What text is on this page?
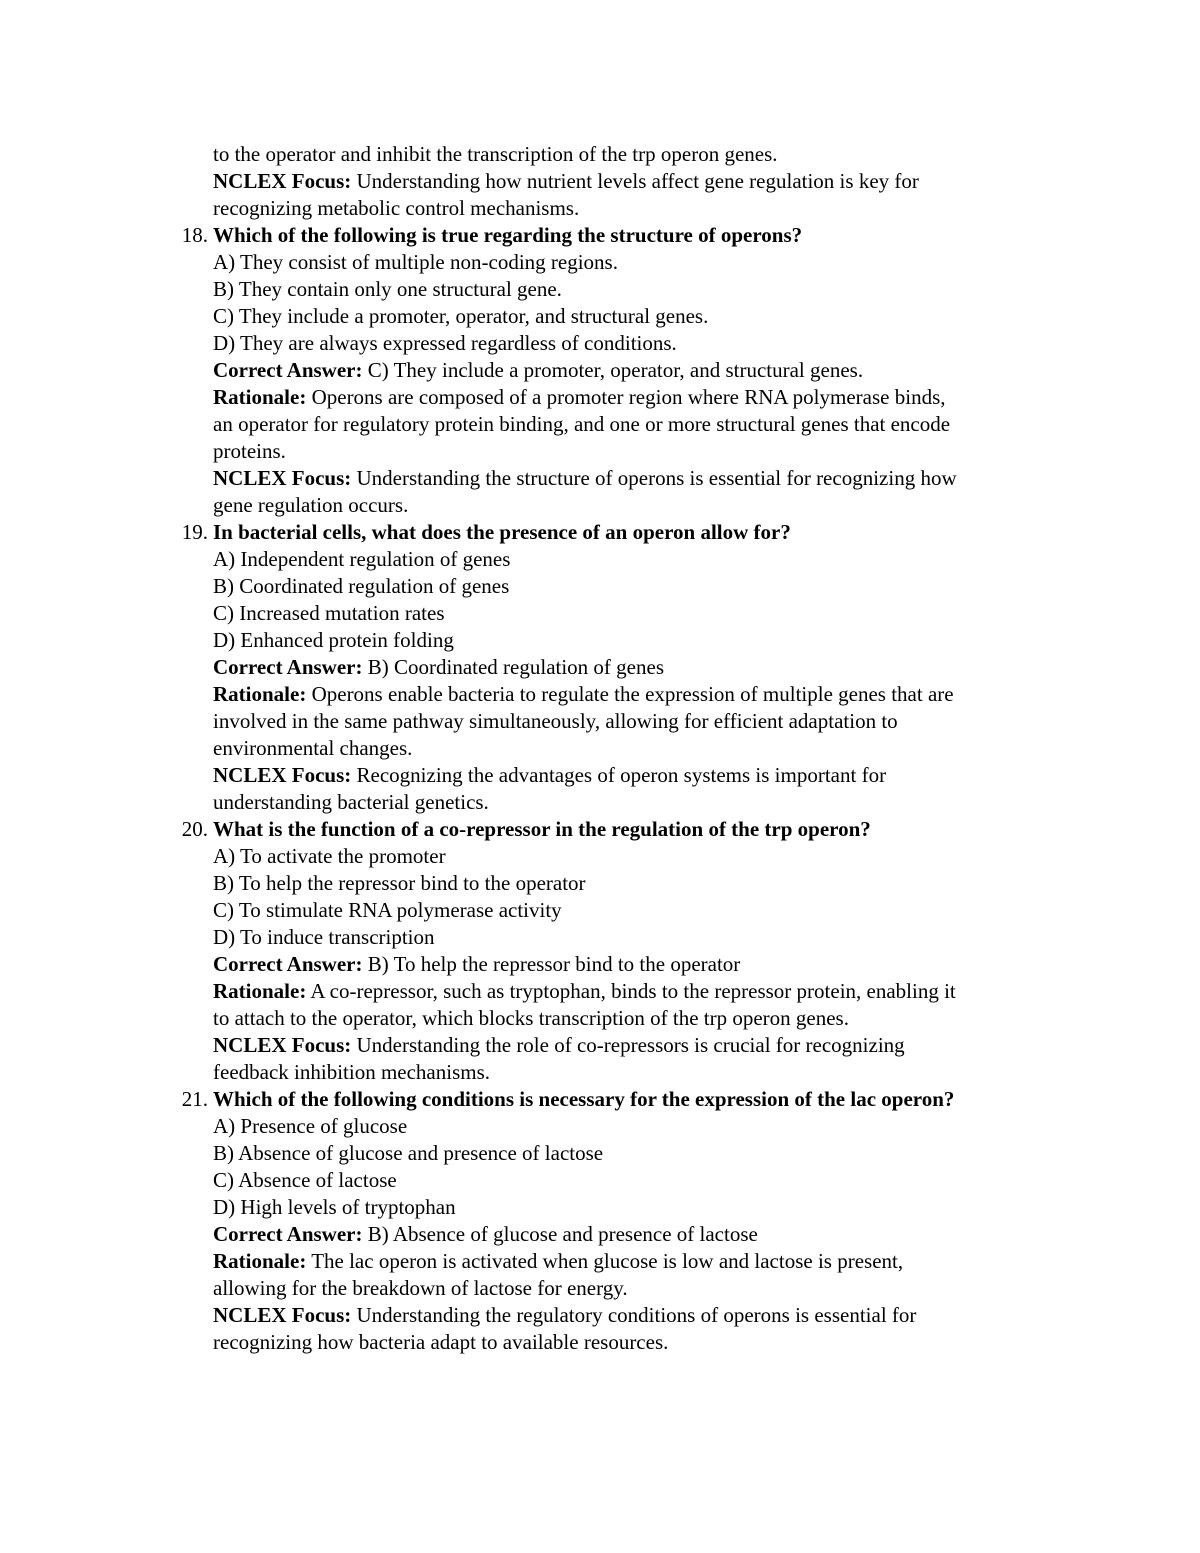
to the operator and inhibit the transcription of the trp operon genes.
NCLEX Focus: Understanding how nutrient levels affect gene regulation is key for
recognizing metabolic control mechanisms.
18. Which of the following is true regarding the structure of operons?
A) They consist of multiple non-coding regions.
B) They contain only one structural gene.
C) They include a promoter, operator, and structural genes.
D) They are always expressed regardless of conditions.
Correct Answer: C) They include a promoter, operator, and structural genes.
Rationale: Operons are composed of a promoter region where RNA polymerase binds,
an operator for regulatory protein binding, and one or more structural genes that encode
proteins.
NCLEX Focus: Understanding the structure of operons is essential for recognizing how
gene regulation occurs.
19. In bacterial cells, what does the presence of an operon allow for?
A) Independent regulation of genes
B) Coordinated regulation of genes
C) Increased mutation rates
D) Enhanced protein folding
Correct Answer: B) Coordinated regulation of genes
Rationale: Operons enable bacteria to regulate the expression of multiple genes that are
involved in the same pathway simultaneously, allowing for efficient adaptation to
environmental changes.
NCLEX Focus: Recognizing the advantages of operon systems is important for
understanding bacterial genetics.
20. What is the function of a co-repressor in the regulation of the trp operon?
A) To activate the promoter
B) To help the repressor bind to the operator
C) To stimulate RNA polymerase activity
D) To induce transcription
Correct Answer: B) To help the repressor bind to the operator
Rationale: A co-repressor, such as tryptophan, binds to the repressor protein, enabling it
to attach to the operator, which blocks transcription of the trp operon genes.
NCLEX Focus: Understanding the role of co-repressors is crucial for recognizing
feedback inhibition mechanisms.
21. Which of the following conditions is necessary for the expression of the lac operon?
A) Presence of glucose
B) Absence of glucose and presence of lactose
C) Absence of lactose
D) High levels of tryptophan
Correct Answer: B) Absence of glucose and presence of lactose
Rationale: The lac operon is activated when glucose is low and lactose is present,
allowing for the breakdown of lactose for energy.
NCLEX Focus: Understanding the regulatory conditions of operons is essential for
recognizing how bacteria adapt to available resources.
